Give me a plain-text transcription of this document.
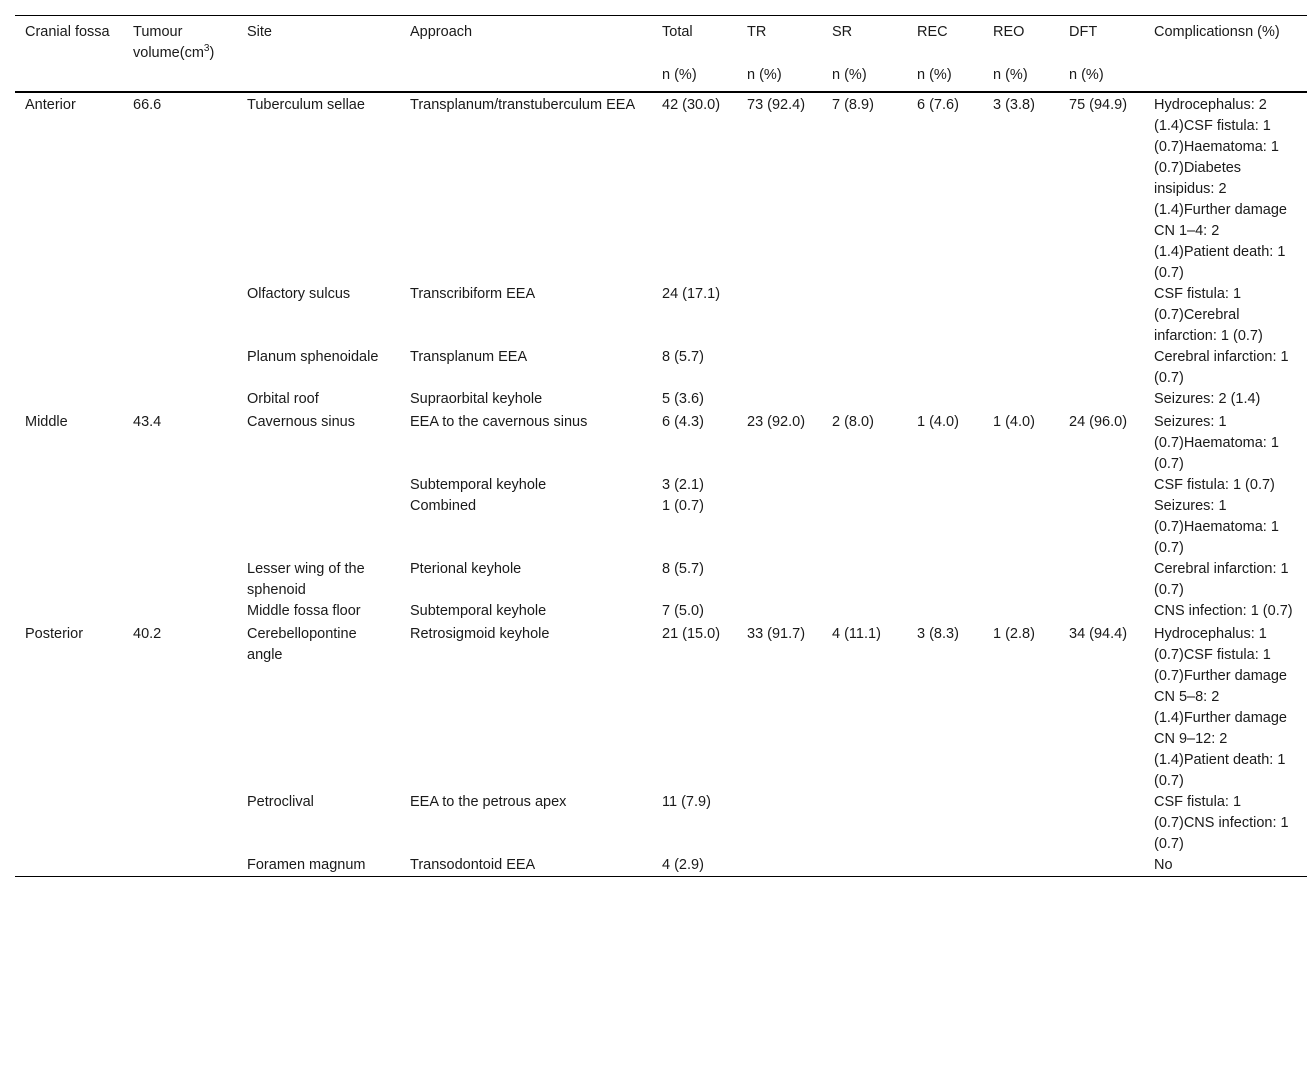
Cranial fossa	Tumour $volume(cm^3)$	Site	Approach	Total	TR	SR	REC	REO	DFT	Complicationsn (%)
				n (%)	n (%)	n (%)	n (%)	n (%)	n (%)	
Anterior	66.6	Tuberculum sellae	Transplanum/transtuberculum EEA	42 (30.0)	73 (92.4)	7 (8.9)	6 (7.6)	3 (3.8)	75 (94.9)	Hydrocephalus: 2 (1.4)CSF fistula: 1 (0.7)Haematoma: 1 (0.7)Diabetes insipidus: 2 (1.4)Further damage CN 1–4: 2 (1.4)Patient death: 1 (0.7)
		Olfactory sulcus	Transcribiform EEA	24 (17.1)						CSF fistula: 1 (0.7)Cerebral infarction: 1 (0.7)
		Planum sphenoidale	Transplanum EEA	8 (5.7)						Cerebral infarction: 1 (0.7)
		Orbital roof	Supraorbital keyhole	5 (3.6)						Seizures: 2 (1.4)
Middle	43.4	Cavernous sinus	EEA to the cavernous sinus	6 (4.3)	23 (92.0)	2 (8.0)	1 (4.0)	1 (4.0)	24 (96.0)	Seizures: 1 (0.7)Haematoma: 1 (0.7)
			Subtemporal keyhole	3 (2.1)						CSF fistula: 1 (0.7)
			Combined	1 (0.7)						Seizures: 1 (0.7)Haematoma: 1 (0.7)
		Lesser wing of the sphenoid	Pterional keyhole	8 (5.7)						Cerebral infarction: 1 (0.7)
		Middle fossa floor	Subtemporal keyhole	7 (5.0)						CNS infection: 1 (0.7)
Posterior	40.2	Cerebellopontine angle	Retrosigmoid keyhole	21 (15.0)	33 (91.7)	4 (11.1)	3 (8.3)	1 (2.8)	34 (94.4)	Hydrocephalus: 1 (0.7)CSF fistula: 1 (0.7)Further damage CN 5–8: 2 (1.4)Further damage CN 9–12: 2 (1.4)Patient death: 1 (0.7)
		Petroclival	EEA to the petrous apex	11 (7.9)						CSF fistula: 1 (0.7)CNS infection: 1 (0.7)
		Foramen magnum	Transodontoid EEA	4 (2.9)						No
